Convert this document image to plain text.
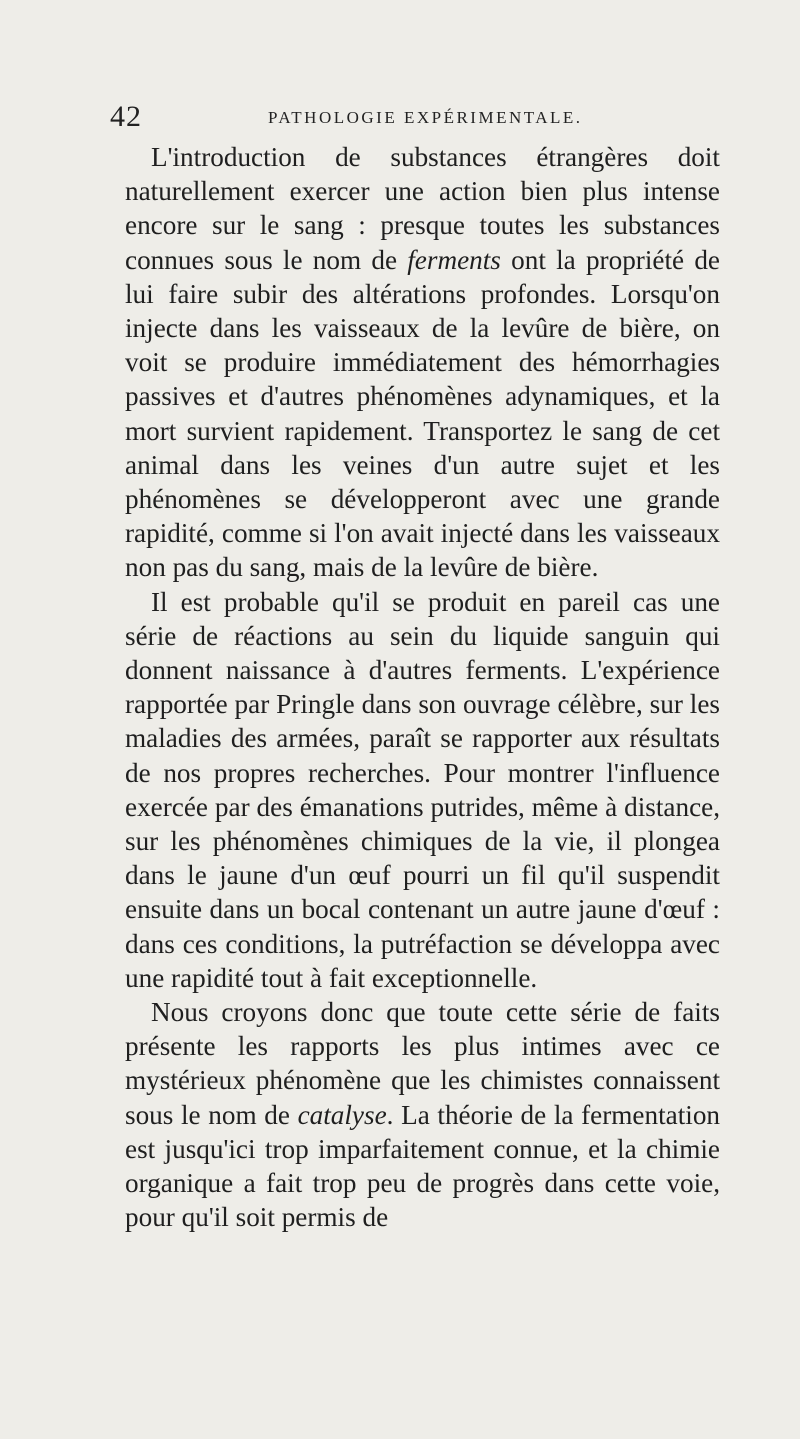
42	PATHOLOGIE EXPÉRIMENTALE.

L'introduction de substances étrangères doit naturellement exercer une action bien plus intense encore sur le sang : presque toutes les substances connues sous le nom de ferments ont la propriété de lui faire subir des altérations profondes. Lorsqu'on injecte dans les vaisseaux de la levûre de bière, on voit se produire immédiatement des hémorrhagies passives et d'autres phénomènes adynamiques, et la mort survient rapidement. Transportez le sang de cet animal dans les veines d'un autre sujet et les phénomènes se développeront avec une grande rapidité, comme si l'on avait injecté dans les vaisseaux non pas du sang, mais de la levûre de bière.

Il est probable qu'il se produit en pareil cas une série de réactions au sein du liquide sanguin qui donnent naissance à d'autres ferments. L'expérience rapportée par Pringle dans son ouvrage célèbre, sur les maladies des armées, paraît se rapporter aux résultats de nos propres recherches. Pour montrer l'influence exercée par des émanations putrides, même à distance, sur les phénomènes chimiques de la vie, il plongea dans le jaune d'un œuf pourri un fil qu'il suspendit ensuite dans un bocal contenant un autre jaune d'œuf : dans ces conditions, la putréfaction se développa avec une rapidité tout à fait exceptionnelle.

Nous croyons donc que toute cette série de faits présente les rapports les plus intimes avec ce mystérieux phénomène que les chimistes connaissent sous le nom de catalyse. La théorie de la fermentation est jusqu'ici trop imparfaitement connue, et la chimie organique a fait trop peu de progrès dans cette voie, pour qu'il soit permis de
